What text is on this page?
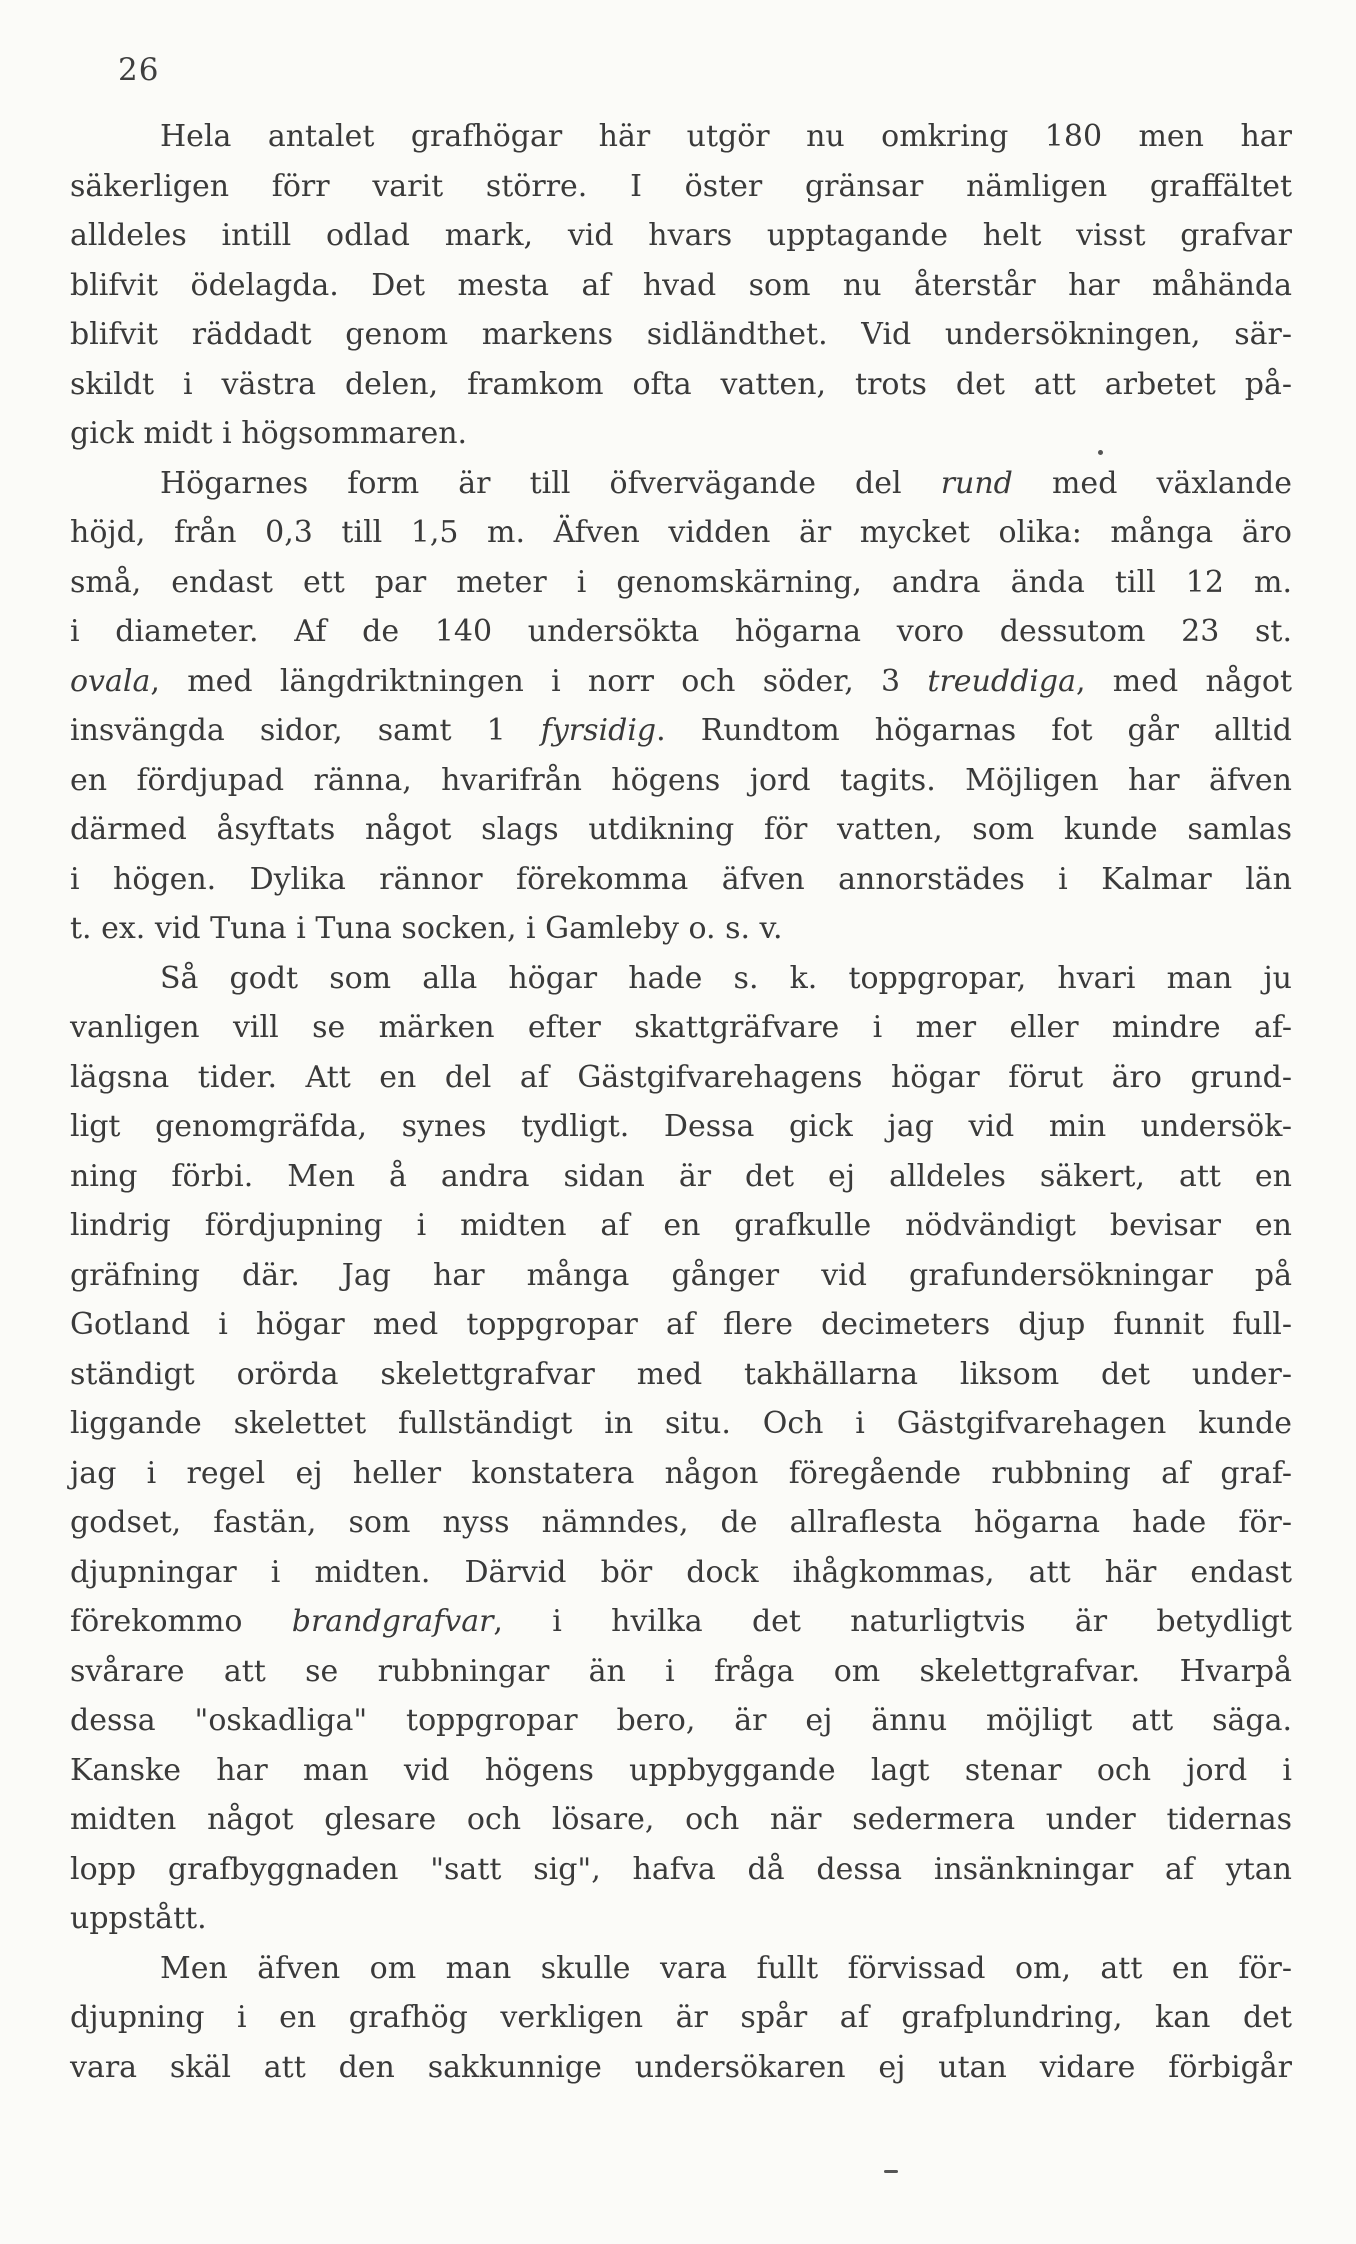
26
Hela antalet grafhögar här utgör nu omkring 180 men har
säkerligen förr varit större. I öster gränsar nämligen graffältet
alldeles intill odlad mark, vid hvars upptagande helt visst grafvar
blifvit ödelagda. Det mesta af hvad som nu återstår har måhända
blifvit räddadt genom markens sidländthet. Vid undersökningen, sär-
skildt i västra delen, framkom ofta vatten, trots det att arbetet på-
gick midt i högsommaren.
Högarnes form är till öfvervägande del rund med växlande
höjd, från 0,3 till 1,5 m. Äfven vidden är mycket olika: många äro
små, endast ett par meter i genomskärning, andra ända till 12 m.
i diameter. Af de 140 undersökta högarna voro dessutom 23 st.
ovala, med längdriktningen i norr och söder, 3 treuddiga, med något
insvängda sidor, samt 1 fyrsidig. Rundtom högarnas fot går alltid
en fördjupad ränna, hvarifrån högens jord tagits. Möjligen har äfven
därmed åsyftats något slags utdikning för vatten, som kunde samlas
i högen. Dylika rännor förekomma äfven annorstädes i Kalmar län
t. ex. vid Tuna i Tuna socken, i Gamleby o. s. v.
Så godt som alla högar hade s. k. toppgropar, hvari man ju
vanligen vill se märken efter skattgräfvare i mer eller mindre af-
lägsna tider. Att en del af Gästgifvarehagens högar förut äro grund-
ligt genomgräfda, synes tydligt. Dessa gick jag vid min undersök-
ning förbi. Men å andra sidan är det ej alldeles säkert, att en
lindrig fördjupning i midten af en grafkulle nödvändigt bevisar en
gräfning där. Jag har många gånger vid grafundersökningar på
Gotland i högar med toppgropar af flere decimeters djup funnit full-
ständigt orörda skelettgrafvar med takhällarna liksom det under-
liggande skelettet fullständigt in situ. Och i Gästgifvarehagen kunde
jag i regel ej heller konstatera någon föregående rubbning af graf-
godset, fastän, som nyss nämndes, de allraflesta högarna hade för-
djupningar i midten. Därvid bör dock ihågkommas, att här endast
förekommo brandgrafvar, i hvilka det naturligtvis är betydligt
svårare att se rubbningar än i fråga om skelettgrafvar. Hvarpå
dessa "oskadliga" toppgropar bero, är ej ännu möjligt att säga.
Kanske har man vid högens uppbyggande lagt stenar och jord i
midten något glesare och lösare, och när sedermera under tidernas
lopp grafbyggnaden "satt sig", hafva då dessa insänkningar af ytan
uppstått.
Men äfven om man skulle vara fullt förvissad om, att en för-
djupning i en grafhög verkligen är spår af grafplundring, kan det
vara skäl att den sakkunnige undersökaren ej utan vidare förbigår
